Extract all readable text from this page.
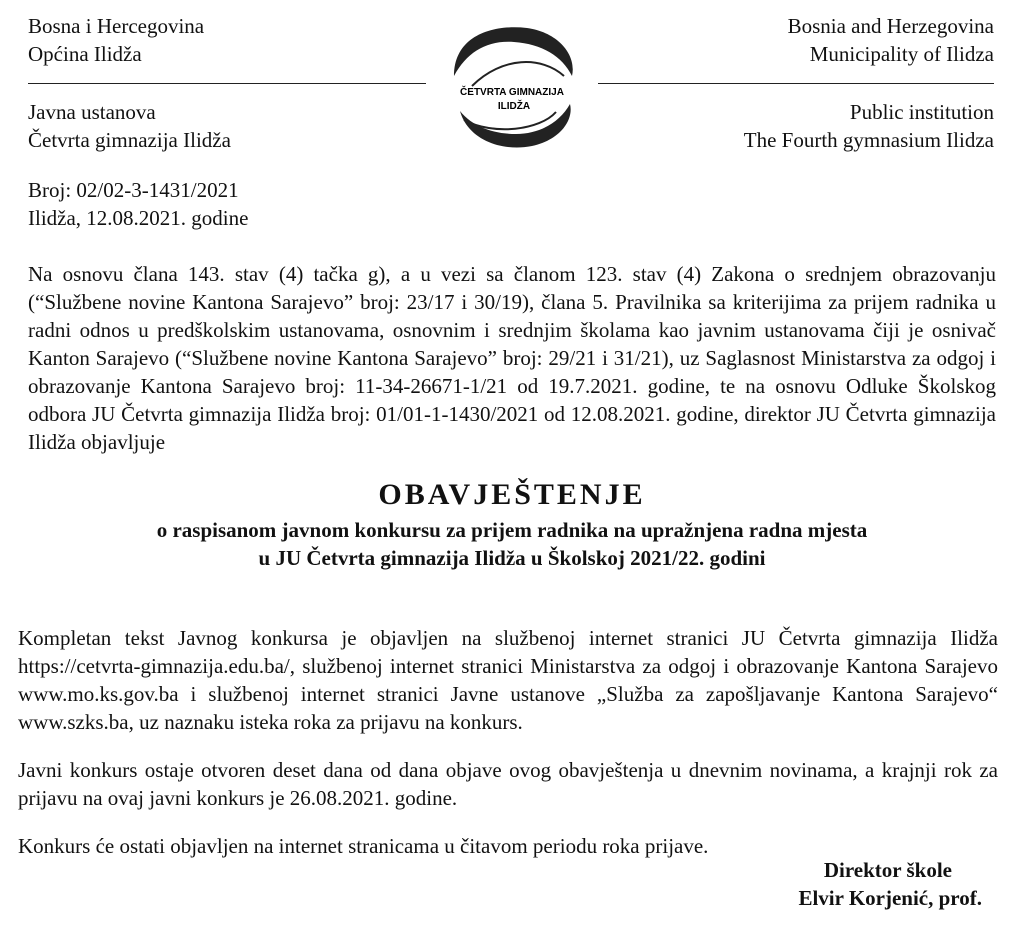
Bosna i Hercegovina
Općina Ilidža
Bosnia and Herzegovina
Municipality of Ilidza
ČETVRTA GIMNAZIJA
ILIDŽA
Javna ustanova
Četvrta gimnazija Ilidža
Public institution
The Fourth gymnasium Ilidza
Broj: 02/02-3-1431/2021
Ilidža, 12.08.2021. godine
Na osnovu člana 143. stav (4) tačka g), a u vezi sa članom 123. stav (4) Zakona o srednjem obrazovanju (“Službene novine Kantona Sarajevo” broj: 23/17 i 30/19), člana 5. Pravilnika sa kriterijima za prijem radnika u radni odnos u predškolskim ustanovama, osnovnim i srednjim školama kao javnim ustanovama čiji je osnivač Kanton Sarajevo (“Službene novine Kantona Sarajevo” broj: 29/21 i 31/21), uz Saglasnost Ministarstva za odgoj i obrazovanje Kantona Sarajevo broj: 11-34-26671-1/21 od 19.7.2021. godine, te na osnovu Odluke Školskog odbora JU Četvrta gimnazija Ilidža broj: 01/01-1-1430/2021 od 12.08.2021. godine, direktor JU Četvrta gimnazija Ilidža objavljuje
OBAVJEŠTENJE
o raspisanom javnom konkursu za prijem radnika na upražnjena radna mjesta
u JU Četvrta gimnazija Ilidža u Školskoj 2021/22. godini
Kompletan tekst Javnog konkursa je objavljen na službenoj internet stranici JU Četvrta gimnazija Ilidža https://cetvrta-gimnazija.edu.ba/, službenoj internet stranici Ministarstva za odgoj i obrazovanje Kantona Sarajevo www.mo.ks.gov.ba i službenoj internet stranici Javne ustanove „Služba za zapošljavanje Kantona Sarajevo“ www.szks.ba, uz naznaku isteka roka za prijavu na konkurs.
Javni konkurs ostaje otvoren deset dana od dana objave ovog obavještenja u dnevnim novinama, a krajnji rok za prijavu na ovaj javni konkurs je 26.08.2021. godine.
Konkurs će ostati objavljen na internet stranicama u čitavom periodu roka prijave.
Direktor škole
Elvir Korjenić, prof.
